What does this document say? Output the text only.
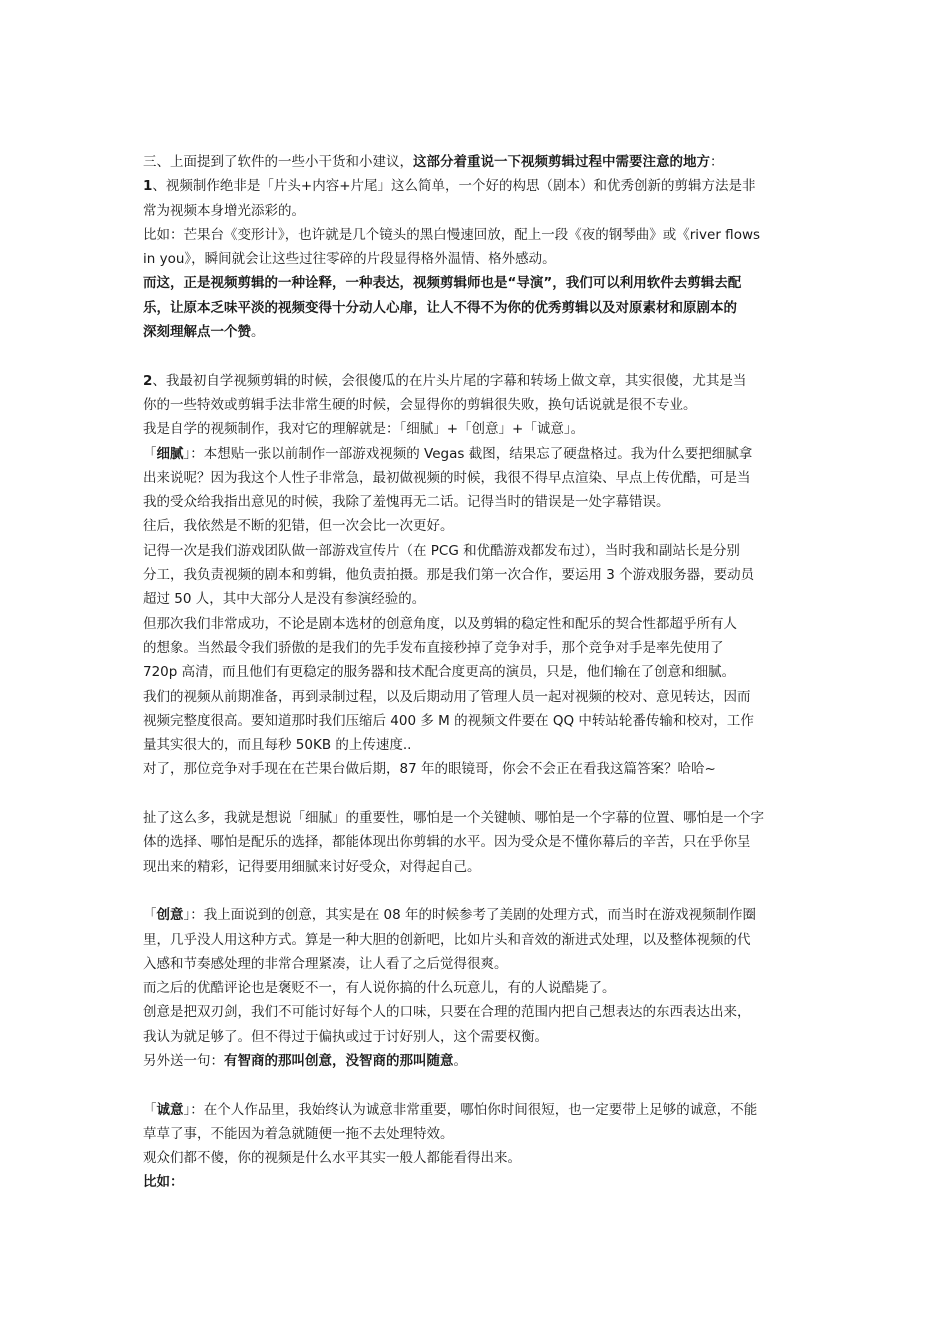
三、上面提到了软件的一些小干货和小建议，这部分着重说一下视频剪辑过程中需要注意的地方：
1、视频制作绝非是「片头+内容+片尾」这么简单，一个好的构思（剧本）和优秀创新的剪辑方法是非
常为视频本身增光添彩的。
比如：芒果台《变形计》，也许就是几个镜头的黑白慢速回放，配上一段《夜的钢琴曲》或《river flows
in you》，瞬间就会让这些过往零碎的片段显得格外温情、格外感动。
而这，正是视频剪辑的一种诠释，一种表达，视频剪辑师也是“导演”，我们可以利用软件去剪辑去配
乐，让原本乏味平淡的视频变得十分动人心扉，让人不得不为你的优秀剪辑以及对原素材和原剧本的
深刻理解点一个赞。
2、我最初自学视频剪辑的时候，会很傻瓜的在片头片尾的字幕和转场上做文章，其实很傻，尤其是当
你的一些特效或剪辑手法非常生硬的时候，会显得你的剪辑很失败，换句话说就是很不专业。
我是自学的视频制作，我对它的理解就是：「细腻」+「创意」+「诚意」。
「细腻」：本想贴一张以前制作一部游戏视频的 Vegas 截图，结果忘了硬盘格过。我为什么要把细腻拿
出来说呢？因为我这个人性子非常急，最初做视频的时候，我很不得早点渲染、早点上传优酷，可是当
我的受众给我指出意见的时候，我除了羞愧再无二话。记得当时的错误是一处字幕错误。
往后，我依然是不断的犯错，但一次会比一次更好。
记得一次是我们游戏团队做一部游戏宣传片（在 PCG 和优酷游戏都发布过），当时我和副站长是分别
分工，我负责视频的剧本和剪辑，他负责拍摄。那是我们第一次合作，要运用 3 个游戏服务器，要动员
超过 50 人，其中大部分人是没有参演经验的。
但那次我们非常成功，不论是剧本选材的创意角度，以及剪辑的稳定性和配乐的契合性都超乎所有人
的想象。当然最令我们骄傲的是我们的先手发布直接秒掉了竞争对手，那个竞争对手是率先使用了
720p 高清，而且他们有更稳定的服务器和技术配合度更高的演员，只是，他们输在了创意和细腻。
我们的视频从前期准备，再到录制过程，以及后期动用了管理人员一起对视频的校对、意见转达，因而
视频完整度很高。要知道那时我们压缩后 400 多 M 的视频文件要在 QQ 中转站轮番传输和校对，工作
量其实很大的，而且每秒 50KB 的上传速度..
对了，那位竞争对手现在在芒果台做后期，87 年的眼镜哥，你会不会正在看我这篇答案？哈哈~
扯了这么多，我就是想说「细腻」的重要性，哪怕是一个关键帧、哪怕是一个字幕的位置、哪怕是一个字
体的选择、哪怕是配乐的选择，都能体现出你剪辑的水平。因为受众是不懂你幕后的辛苦，只在乎你呈
现出来的精彩，记得要用细腻来讨好受众，对得起自己。
「创意」：我上面说到的创意，其实是在 08 年的时候参考了美剧的处理方式，而当时在游戏视频制作圈
里，几乎没人用这种方式。算是一种大胆的创新吧，比如片头和音效的渐进式处理，以及整体视频的代
入感和节奏感处理的非常合理紧凑，让人看了之后觉得很爽。
而之后的优酷评论也是褒贬不一，有人说你搞的什么玩意儿，有的人说酷毙了。
创意是把双刃剑，我们不可能讨好每个人的口味，只要在合理的范围内把自己想表达的东西表达出来，
我认为就足够了。但不得过于偏执或过于讨好别人，这个需要权衡。
另外送一句：有智商的那叫创意，没智商的那叫随意。
「诚意」：在个人作品里，我始终认为诚意非常重要，哪怕你时间很短，也一定要带上足够的诚意，不能
草草了事，不能因为着急就随便一拖不去处理特效。
观众们都不傻，你的视频是什么水平其实一般人都能看得出来。
比如：
